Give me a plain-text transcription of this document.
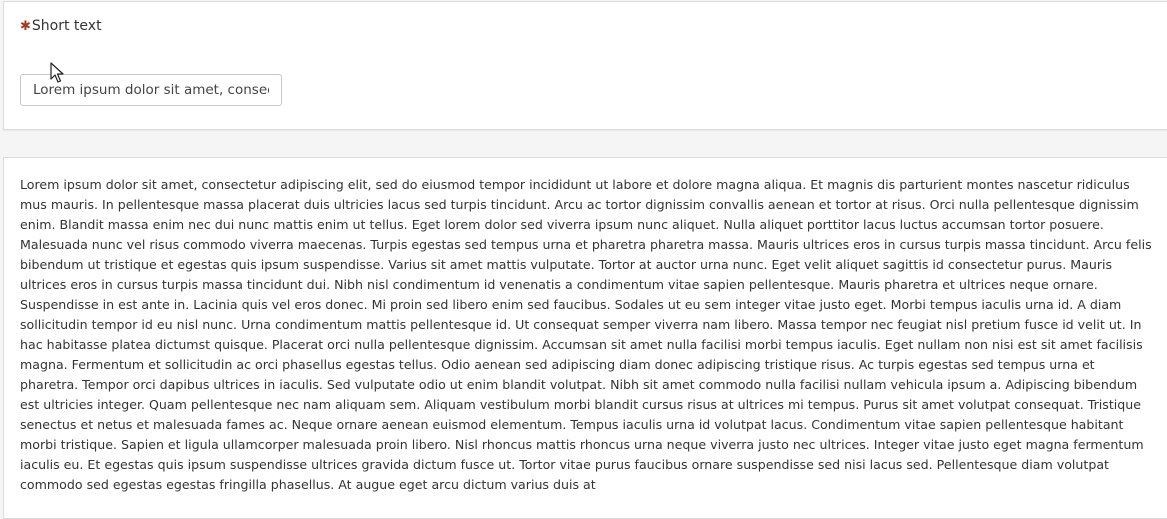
✱ Short text
Lorem ipsum dolor sit amet, consectetur adipiscing elit

Lorem ipsum dolor sit amet, consectetur adipiscing elit, sed do eiusmod tempor incididunt ut labore et dolore magna aliqua. Et magnis dis parturient montes nascetur ridiculus mus mauris. In pellentesque massa placerat duis ultricies lacus sed turpis tincidunt. Arcu ac tortor dignissim convallis aenean et tortor at risus. Orci nulla pellentesque dignissim enim. Blandit massa enim nec dui nunc mattis enim ut tellus. Eget lorem dolor sed viverra ipsum nunc aliquet. Nulla aliquet porttitor lacus luctus accumsan tortor posuere. Malesuada nunc vel risus commodo viverra maecenas. Turpis egestas sed tempus urna et pharetra pharetra massa. Mauris ultrices eros in cursus turpis massa tincidunt. Arcu felis bibendum ut tristique et egestas quis ipsum suspendisse. Varius sit amet mattis vulputate. Tortor at auctor urna nunc. Eget velit aliquet sagittis id consectetur purus. Mauris ultrices eros in cursus turpis massa tincidunt dui. Nibh nisl condimentum id venenatis a condimentum vitae sapien pellentesque. Mauris pharetra et ultrices neque ornare. Suspendisse in est ante in. Lacinia quis vel eros donec. Mi proin sed libero enim sed faucibus. Sodales ut eu sem integer vitae justo eget. Morbi tempus iaculis urna id. A diam sollicitudin tempor id eu nisl nunc. Urna condimentum mattis pellentesque id. Ut consequat semper viverra nam libero. Massa tempor nec feugiat nisl pretium fusce id velit ut. In hac habitasse platea dictumst quisque. Placerat orci nulla pellentesque dignissim. Accumsan sit amet nulla facilisi morbi tempus iaculis. Eget nullam non nisi est sit amet facilisis magna. Fermentum et sollicitudin ac orci phasellus egestas tellus. Odio aenean sed adipiscing diam donec adipiscing tristique risus. Ac turpis egestas sed tempus urna et pharetra. Tempor orci dapibus ultrices in iaculis. Sed vulputate odio ut enim blandit volutpat. Nibh sit amet commodo nulla facilisi nullam vehicula ipsum a. Adipiscing bibendum est ultricies integer. Quam pellentesque nec nam aliquam sem. Aliquam vestibulum morbi blandit cursus risus at ultrices mi tempus. Purus sit amet volutpat consequat. Tristique senectus et netus et malesuada fames ac. Neque ornare aenean euismod elementum. Tempus iaculis urna id volutpat lacus. Condimentum vitae sapien pellentesque habitant morbi tristique. Sapien et ligula ullamcorper malesuada proin libero. Nisl rhoncus mattis rhoncus urna neque viverra justo nec ultrices. Integer vitae justo eget magna fermentum iaculis eu. Et egestas quis ipsum suspendisse ultrices gravida dictum fusce ut. Tortor vitae purus faucibus ornare suspendisse sed nisi lacus sed. Pellentesque diam volutpat commodo sed egestas egestas fringilla phasellus. At augue eget arcu dictum varius duis at
